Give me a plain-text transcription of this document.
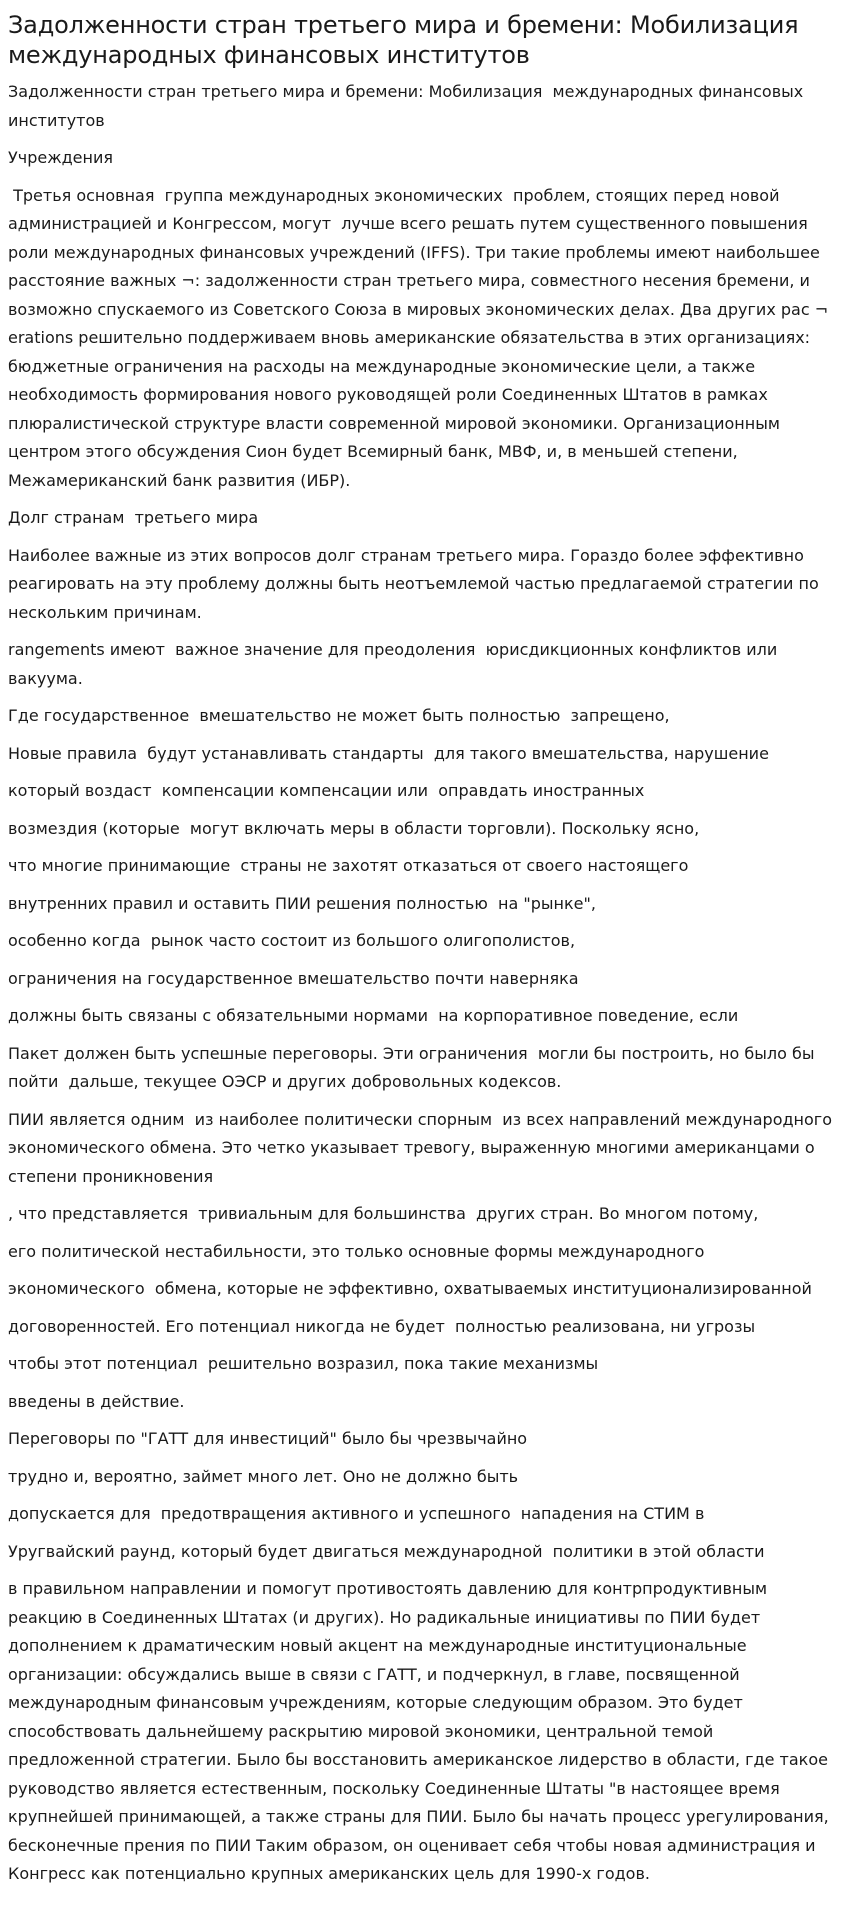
Задолженности стран третьего мира и бремени: Мобилизация международных финансовых институтов

Задолженности стран третьего мира и бремени: Мобилизация  международных финансовых институтов

Учреждения

Третья основная  группа международных экономических  проблем, стоящих перед новой администрацией и Конгрессом, могут  лучше всего решать путем существенного повышения роли международных финансовых учреждений (IFFS). Три такие проблемы имеют наибольшее расстояние важных ¬: задолженности стран третьего мира, совместного несения бремени, и возможно спускаемого из Советского Союза в мировых экономических делах. Два других рас ¬ erations решительно поддерживаем вновь американские обязательства в этих организациях: бюджетные ограничения на расходы на международные экономические цели, а также необходимость формирования нового руководящей роли Соединенных Штатов в рамках плюралистической структуре власти современной мировой экономики. Организационным центром этого обсуждения Сион будет Всемирный банк, МВФ, и, в меньшей степени, Межамериканский банк развития (ИБР).

Долг странам  третьего мира

Наиболее важные из этих вопросов долг странам третьего мира. Гораздо более эффективно реагировать на эту проблему должны быть неотъемлемой частью предлагаемой стратегии по нескольким причинам.

rangements имеют  важное значение для преодоления  юрисдикционных конфликтов или вакуума.

Где государственное  вмешательство не может быть полностью  запрещено,

Новые правила  будут устанавливать стандарты  для такого вмешательства, нарушение

который воздаст  компенсации компенсации или  оправдать иностранных

возмездия (которые  могут включать меры в области торговли). Поскольку ясно,

что многие принимающие  страны не захотят отказаться от своего настоящего

внутренних правил и оставить ПИИ решения полностью  на "рынке",

особенно когда  рынок часто состоит из большого олигополистов,

ограничения на государственное вмешательство почти наверняка

должны быть связаны с обязательными нормами  на корпоративное поведение, если

Пакет должен быть успешные переговоры. Эти ограничения  могли бы построить, но было бы пойти  дальше, текущее ОЭСР и других добровольных кодексов.

ПИИ является одним  из наиболее политически спорным  из всех направлений международного экономического обмена. Это четко указывает тревогу, выраженную многими американцами о степени проникновения

, что представляется  тривиальным для большинства  других стран. Во многом потому,

его политической нестабильности, это только основные формы международного

экономического  обмена, которые не эффективно, охватываемых институционализированной

договоренностей. Его потенциал никогда не будет  полностью реализована, ни угрозы

чтобы этот потенциал  решительно возразил, пока такие механизмы

введены в действие.

Переговоры по "ГАТТ для инвестиций" было бы чрезвычайно

трудно и, вероятно, займет много лет. Оно не должно быть

допускается для  предотвращения активного и успешного  нападения на СТИМ в

Уругвайский раунд, который будет двигаться международной  политики в этой области

в правильном направлении и помогут противостоять давлению для контрпродуктивным реакцию в Соединенных Штатах (и других). Но радикальные инициативы по ПИИ будет дополнением к драматическим новый акцент на международные институциональные организации: обсуждались выше в связи с ГАТТ, и подчеркнул, в главе, посвященной международным финансовым учреждениям, которые следующим образом. Это будет способствовать дальнейшему раскрытию мировой экономики, центральной темой предложенной стратегии. Было бы восстановить американское лидерство в области, где такое руководство является естественным, поскольку Соединенные Штаты "в настоящее время крупнейшей принимающей, а также страны для ПИИ. Было бы начать процесс урегулирования, бесконечные прения по ПИИ Таким образом, он оценивает себя чтобы новая администрация и Конгресс как потенциально крупных американских цель для 1990-х годов.
